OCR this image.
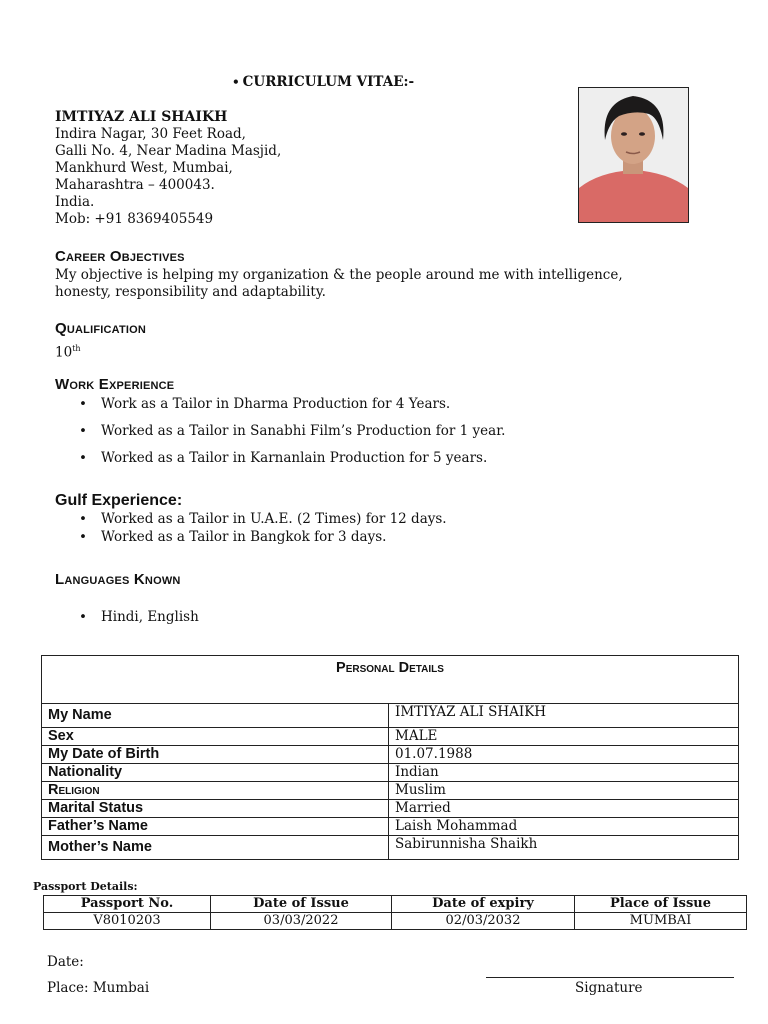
• CURRICULUM VITAE:-
IMTIYAZ ALI SHAIKH
Indira Nagar, 30 Feet Road,
Galli No. 4, Near Madina Masjid,
Mankhurd West, Mumbai,
Maharashtra – 400043.
India.
Mob: +91 8369405549
Career Objectives
My objective is helping my organization & the people around me with intelligence,
honesty, responsibility and adaptability.
Qualification
10th
Work Experience
• Work as a Tailor in Dharma Production for 4 Years.
• Worked as a Tailor in Sanabhi Film’s Production for 1 year.
• Worked as a Tailor in Karnanlain Production for 5 years.
Gulf Experience:
• Worked as a Tailor in U.A.E. (2 Times) for 12 days.
• Worked as a Tailor in Bangkok for 3 days.
Languages Known
• Hindi, English
Personal Details	
My Name	IMTIYAZ ALI SHAIKH
Sex	MALE
My Date of Birth	01.07.1988
Nationality	Indian
Religion	Muslim
Marital Status	Married
Father’s Name	Laish Mohammad
Mother’s Name	Sabirunnisha Shaikh
Passport Details:
Passport No.	Date of Issue	Date of expiry	Place of Issue
V8010203	03/03/2022	02/03/2032	MUMBAI
Date:
Place: Mumbai	Signature
